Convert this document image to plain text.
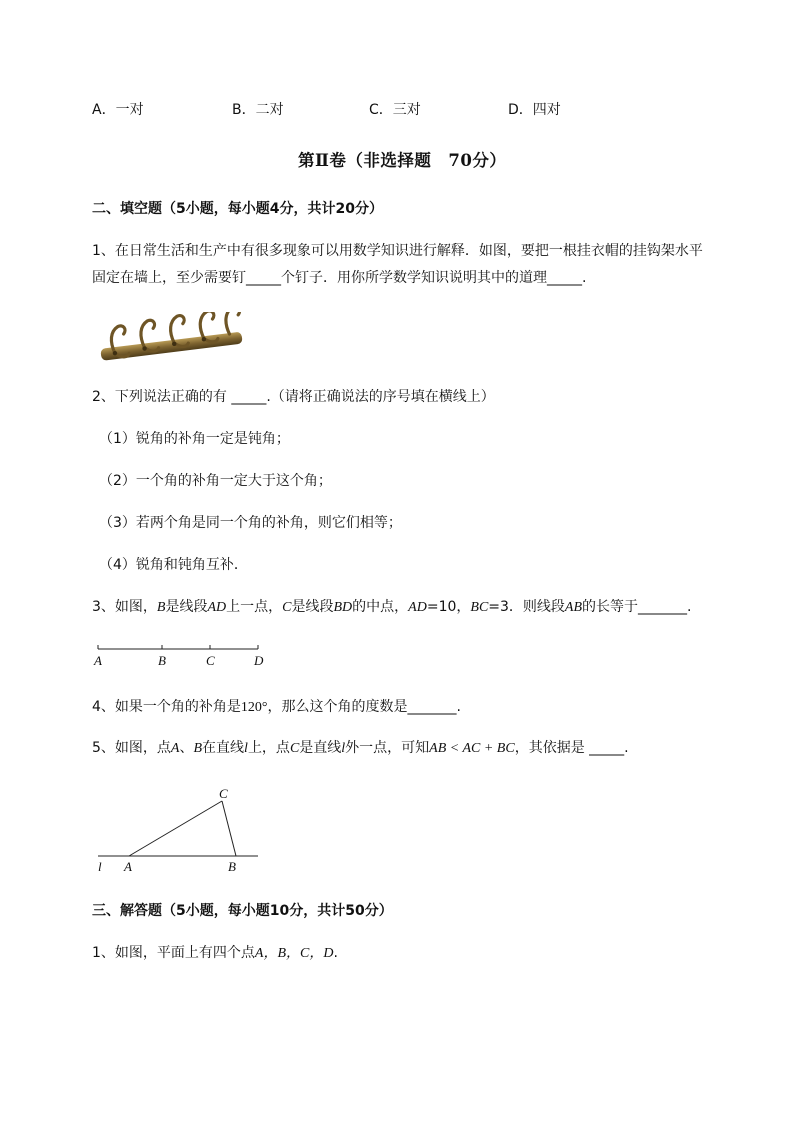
A．一对	B．二对	C．三对	D．四对
第Ⅱ卷（非选择题　70分）
二、填空题（5小题，每小题4分，共计20分）
1、在日常生活和生产中有很多现象可以用数学知识进行解释．如图，要把一根挂衣帽的挂钩架水平
固定在墙上，至少需要钉_____个钉子．用你所学数学知识说明其中的道理_____.
2、下列说法正确的有 _____.（请将正确说法的序号填在横线上）
（1）锐角的补角一定是钝角；
（2）一个角的补角一定大于这个角；
（3）若两个角是同一个角的补角，则它们相等；
（4）锐角和钝角互补．
3、如图，B是线段AD上一点，C是线段BD的中点，AD=10，BC=3．则线段AB的长等于_______.
A	B	C	D
4、如果一个角的补角是120°，那么这个角的度数是_______.
5、如图，点A、B在直线l上，点C是直线l外一点，可知AB < AC + BC，其依据是 _____.
C
l A	B
三、解答题（5小题，每小题10分，共计50分）
1、如图，平面上有四个点A，B，C，D.
